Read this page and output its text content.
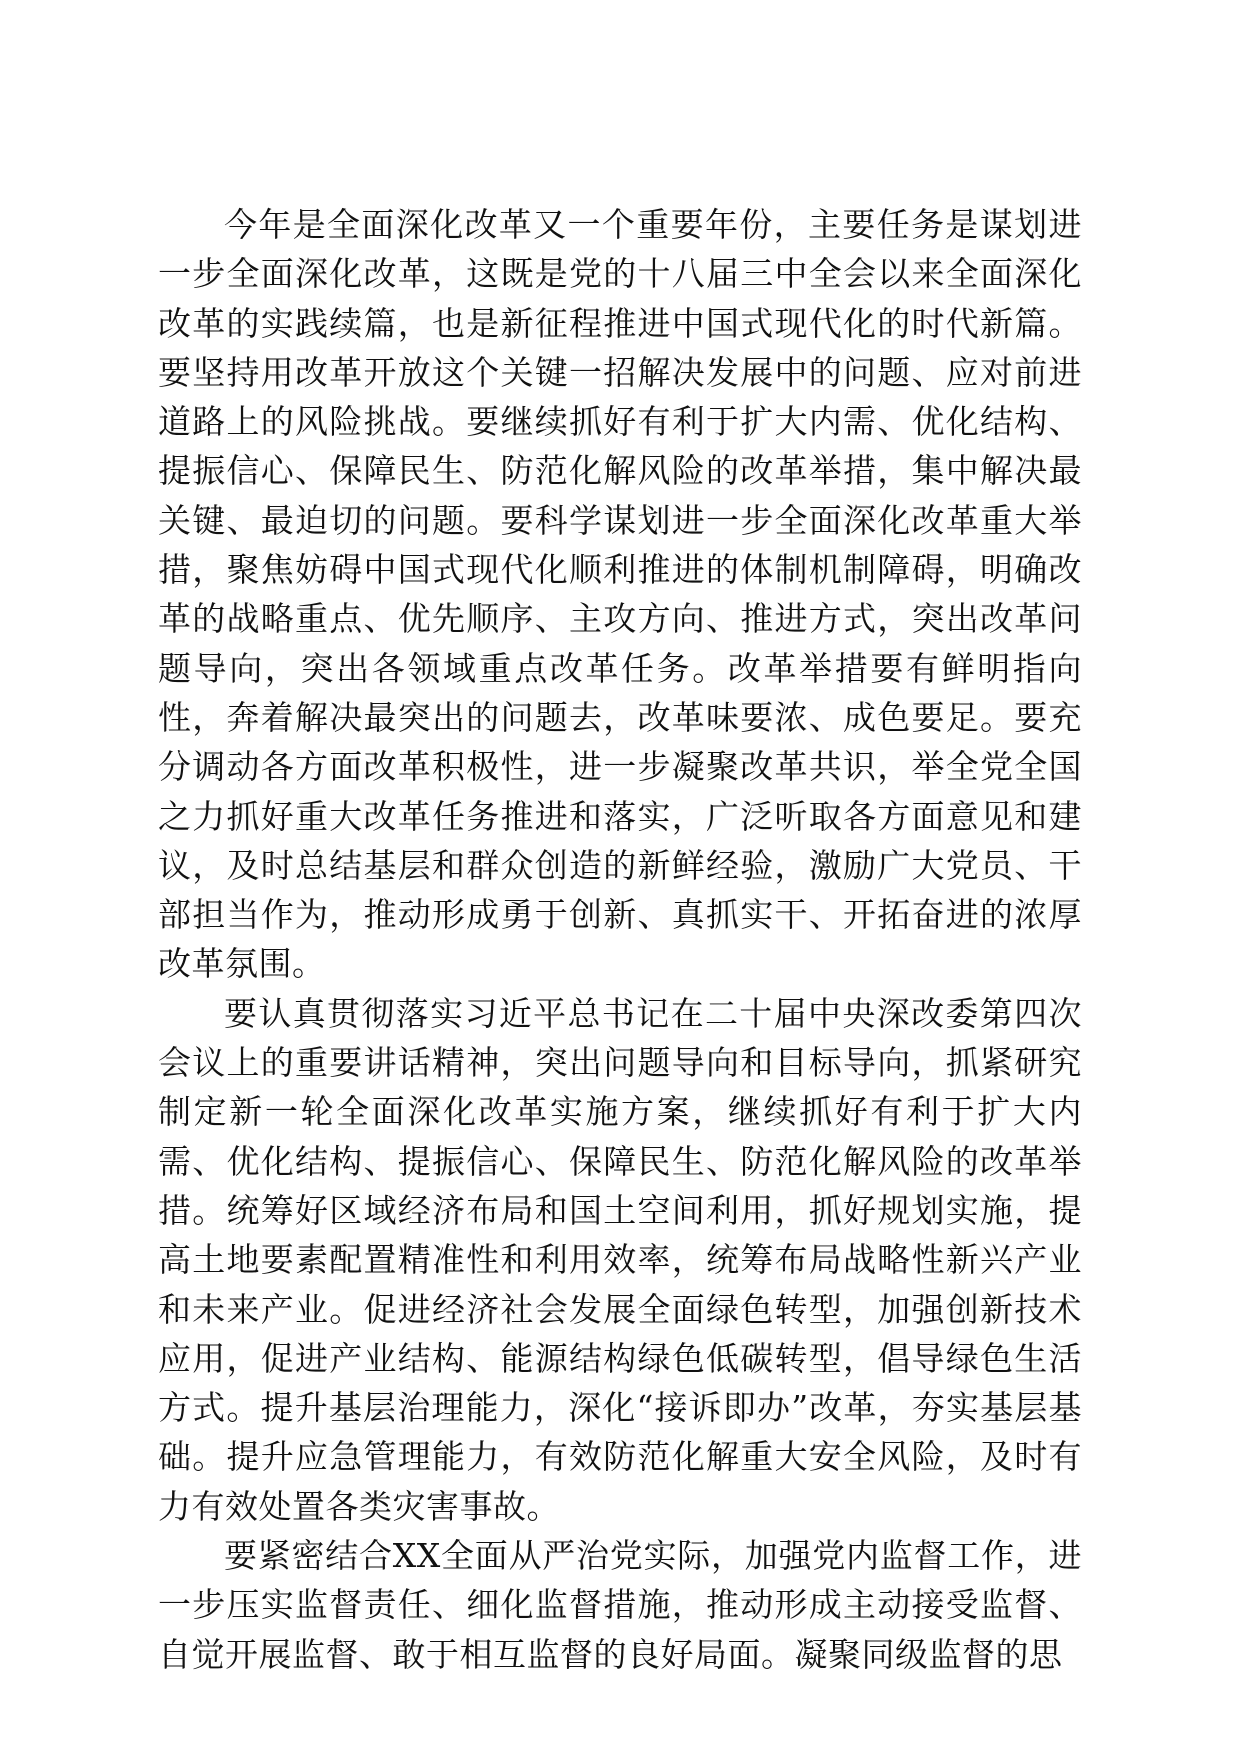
今年是全面深化改革又一个重要年份，主要任务是谋划进一步全面深化改革，这既是党的十八届三中全会以来全面深化改革的实践续篇，也是新征程推进中国式现代化的时代新篇。要坚持用改革开放这个关键一招解决发展中的问题、应对前进道路上的风险挑战。要继续抓好有利于扩大内需、优化结构、提振信心、保障民生、防范化解风险的改革举措，集中解决最关键、最迫切的问题。要科学谋划进一步全面深化改革重大举措，聚焦妨碍中国式现代化顺利推进的体制机制障碍，明确改革的战略重点、优先顺序、主攻方向、推进方式，突出改革问题导向，突出各领域重点改革任务。改革举措要有鲜明指向性，奔着解决最突出的问题去，改革味要浓、成色要足。要充分调动各方面改革积极性，进一步凝聚改革共识，举全党全国之力抓好重大改革任务推进和落实，广泛听取各方面意见和建议，及时总结基层和群众创造的新鲜经验，激励广大党员、干部担当作为，推动形成勇于创新、真抓实干、开拓奋进的浓厚改革氛围。

要认真贯彻落实习近平总书记在二十届中央深改委第四次会议上的重要讲话精神，突出问题导向和目标导向，抓紧研究制定新一轮全面深化改革实施方案，继续抓好有利于扩大内需、优化结构、提振信心、保障民生、防范化解风险的改革举措。统筹好区域经济布局和国土空间利用，抓好规划实施，提高土地要素配置精准性和利用效率，统筹布局战略性新兴产业和未来产业。促进经济社会发展全面绿色转型，加强创新技术应用，促进产业结构、能源结构绿色低碳转型，倡导绿色生活方式。提升基层治理能力，深化“接诉即办”改革，夯实基层基础。提升应急管理能力，有效防范化解重大安全风险，及时有力有效处置各类灾害事故。

要紧密结合XX全面从严治党实际，加强党内监督工作，进一步压实监督责任、细化监督措施，推动形成主动接受监督、自觉开展监督、敢于相互监督的良好局面。凝聚同级监督的思
